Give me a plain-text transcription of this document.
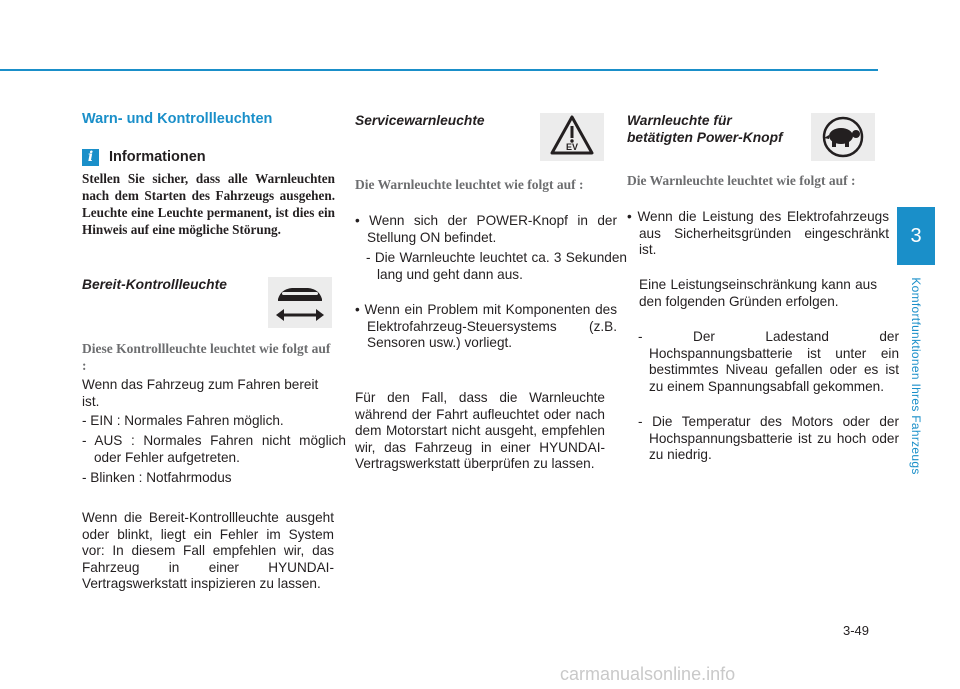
Warn- und Kontrollleuchten
i	Informationen
Stellen Sie sicher, dass alle Warnleuchten nach dem Starten des Fahrzeugs ausgehen. Leuchte eine Leuchte permanent, ist dies ein Hinweis auf eine mögliche Störung.
Bereit-Kontrollleuchte
Diese Kontrollleuchte leuchtet wie folgt auf :
Wenn das Fahrzeug zum Fahren bereit ist.
- EIN : Normales Fahren möglich.
- AUS : Normales Fahren nicht möglich oder Fehler aufgetreten.
- Blinken : Notfahrmodus
Wenn die Bereit-Kontrollleuchte ausgeht oder blinkt, liegt ein Fehler im System vor: In diesem Fall empfehlen wir, das Fahrzeug in einer HYUNDAI-Vertragswerkstatt inspizieren zu lassen.
Servicewarnleuchte
EV
Die Warnleuchte leuchtet wie folgt auf :
• Wenn sich der POWER-Knopf in der Stellung ON befindet.
- Die Warnleuchte leuchtet ca. 3 Sekunden lang und geht dann aus.
• Wenn ein Problem mit Komponenten des Elektrofahrzeug-Steuersystems (z.B. Sensoren usw.) vorliegt.
Für den Fall, dass die Warnleuchte während der Fahrt aufleuchtet oder nach dem Motorstart nicht ausgeht, empfehlen wir, das Fahrzeug in einer HYUNDAI-Vertragswerkstatt überprüfen zu lassen.
Warnleuchte für
betätigten Power-Knopf
Die Warnleuchte leuchtet wie folgt auf :
• Wenn die Leistung des Elektrofahrzeugs aus Sicherheitsgründen eingeschränkt ist.
Eine Leistungseinschränkung kann aus den folgenden Gründen erfolgen.
- Der Ladestand der Hochspannungsbatterie ist unter ein bestimmtes Niveau gefallen oder es ist zu einem Spannungsabfall gekommen.
- Die Temperatur des Motors oder der Hochspannungsbatterie ist zu hoch oder zu niedrig.
3
Komfortfunktionen Ihres Fahrzeugs
3-49
carmanualsonline.info
